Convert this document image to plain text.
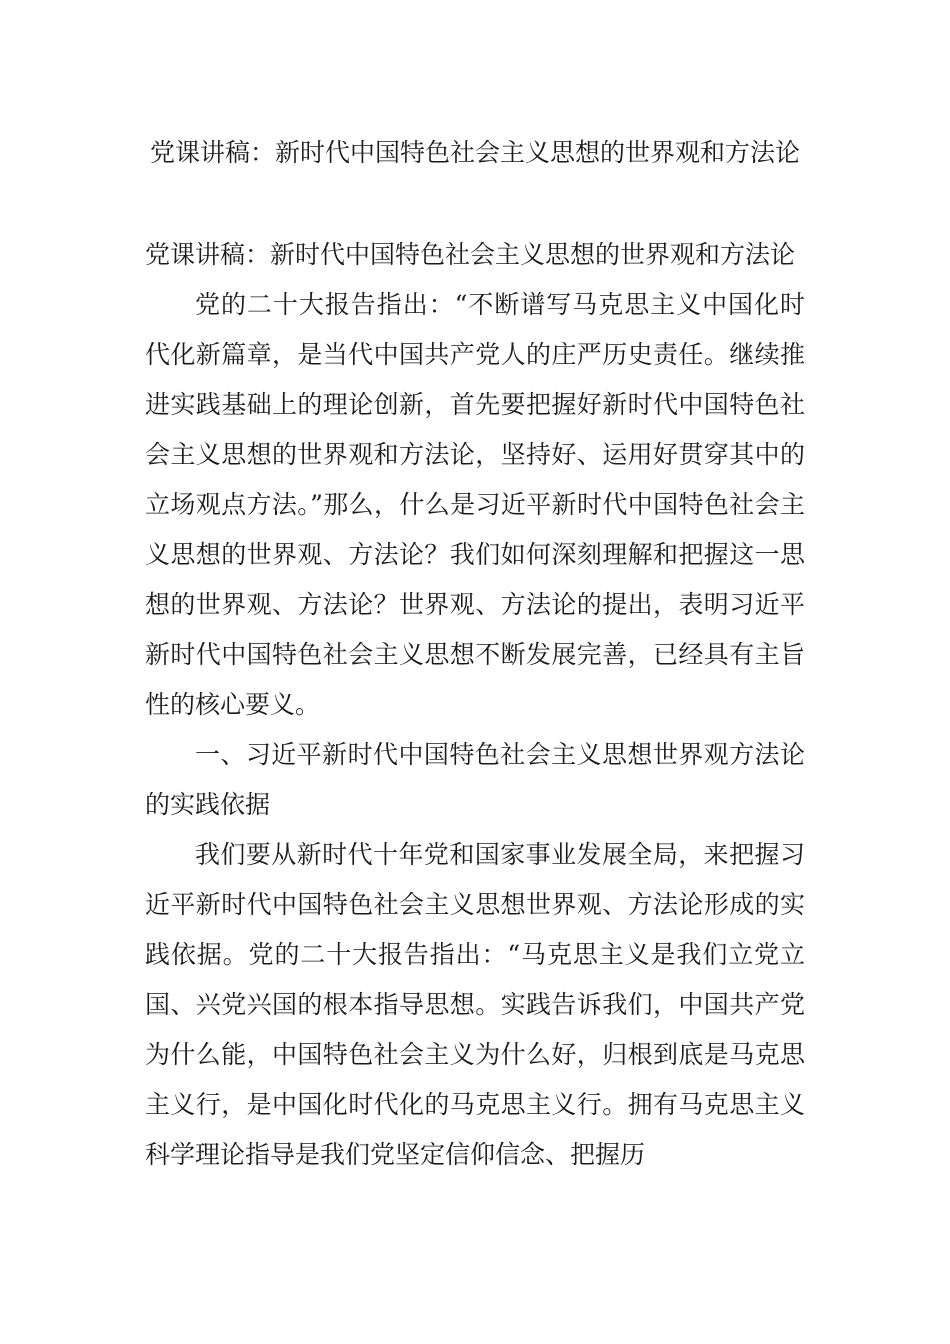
党课讲稿：新时代中国特色社会主义思想的世界观和方法论

党课讲稿：新时代中国特色社会主义思想的世界观和方法论

党的二十大报告指出：“不断谱写马克思主义中国化时代化新篇章，是当代中国共产党人的庄严历史责任。继续推进实践基础上的理论创新，首先要把握好新时代中国特色社会主义思想的世界观和方法论，坚持好、运用好贯穿其中的立场观点方法。”那么，什么是习近平新时代中国特色社会主义思想的世界观、方法论？我们如何深刻理解和把握这一思想的世界观、方法论？世界观、方法论的提出，表明习近平新时代中国特色社会主义思想不断发展完善，已经具有主旨性的核心要义。

一、习近平新时代中国特色社会主义思想世界观方法论的实践依据

我们要从新时代十年党和国家事业发展全局，来把握习近平新时代中国特色社会主义思想世界观、方法论形成的实践依据。党的二十大报告指出：“马克思主义是我们立党立国、兴党兴国的根本指导思想。实践告诉我们，中国共产党为什么能，中国特色社会主义为什么好，归根到底是马克思主义行，是中国化时代化的马克思主义行。拥有马克思主义科学理论指导是我们党坚定信仰信念、把握历
